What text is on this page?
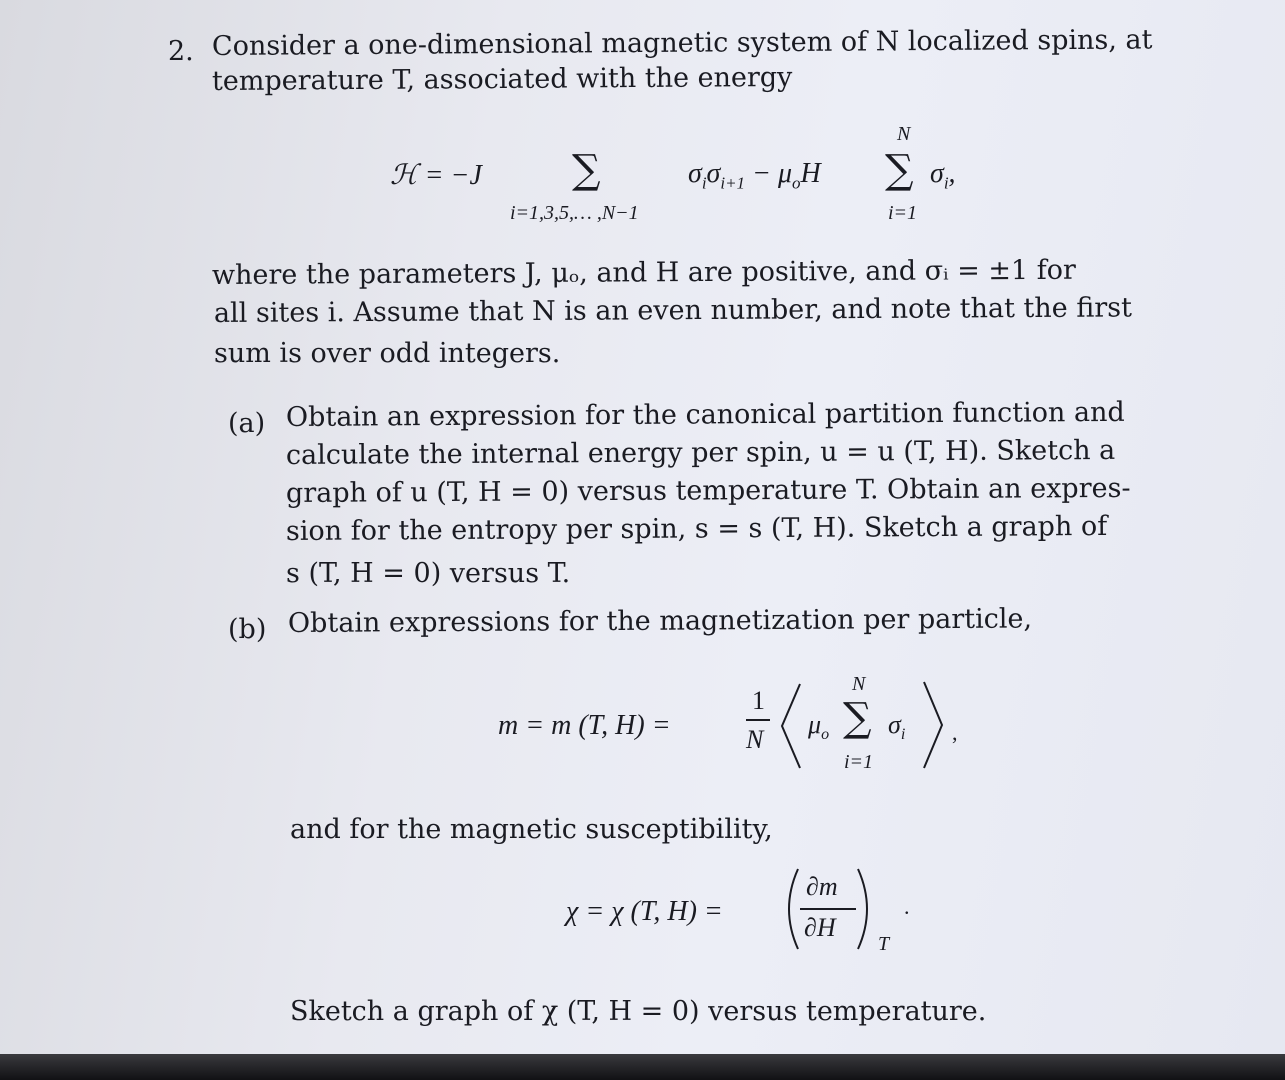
2. Consider a one-dimensional magnetic system of N localized spins, at
temperature T, associated with the energy
ℋ = −J ∑
i=1,3,5,… ,N−1
$\sigma_i\sigma_{i+1} - \mu_oH$
N
∑
i=1
$\sigma_i$,
where the parameters J, μₒ, and H are positive, and σᵢ = ±1 for
all sites i. Assume that N is an even number, and note that the first
sum is over odd integers.
(a) Obtain an expression for the canonical partition function and
calculate the internal energy per spin, u = u (T, H). Sketch a
graph of u (T, H = 0) versus temperature T. Obtain an expres-
sion for the entropy per spin, s = s (T, H). Sketch a graph of
s (T, H = 0) versus T.
(b) Obtain expressions for the magnetization per particle,
m = m (T, H) =
1
N
$\mu_o$
N
∑
i=1
$\sigma_i$ ,
and for the magnetic susceptibility,
χ = χ (T, H) =
∂m
∂H
T
.
Sketch a graph of χ (T, H = 0) versus temperature.
